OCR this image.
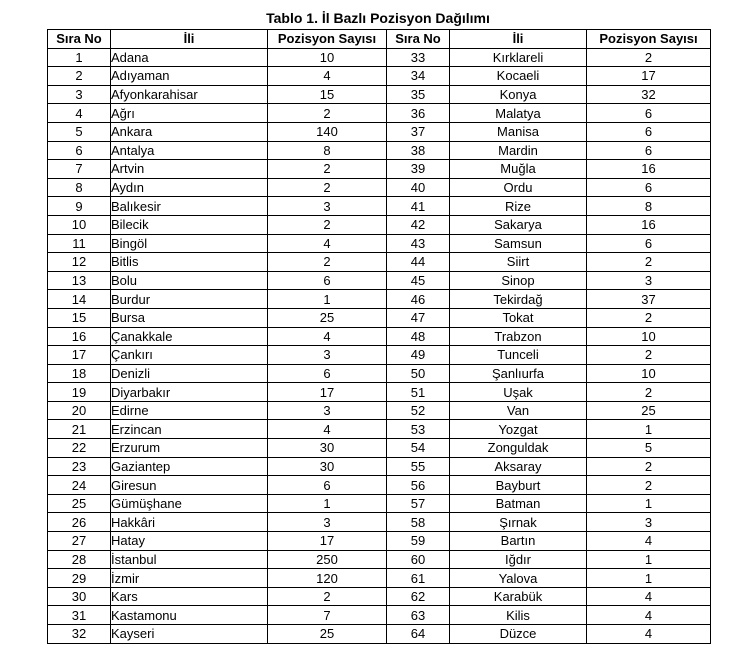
Tablo 1. İl Bazlı Pozisyon Dağılımı
Sıra No	İli	Pozisyon Sayısı	Sıra No	İli	Pozisyon Sayısı
1	Adana	10	33	Kırklareli	2
2	Adıyaman	4	34	Kocaeli	17
3	Afyonkarahisar	15	35	Konya	32
4	Ağrı	2	36	Malatya	6
5	Ankara	140	37	Manisa	6
6	Antalya	8	38	Mardin	6
7	Artvin	2	39	Muğla	16
8	Aydın	2	40	Ordu	6
9	Balıkesir	3	41	Rize	8
10	Bilecik	2	42	Sakarya	16
11	Bingöl	4	43	Samsun	6
12	Bitlis	2	44	Siirt	2
13	Bolu	6	45	Sinop	3
14	Burdur	1	46	Tekirdağ	37
15	Bursa	25	47	Tokat	2
16	Çanakkale	4	48	Trabzon	10
17	Çankırı	3	49	Tunceli	2
18	Denizli	6	50	Şanlıurfa	10
19	Diyarbakır	17	51	Uşak	2
20	Edirne	3	52	Van	25
21	Erzincan	4	53	Yozgat	1
22	Erzurum	30	54	Zonguldak	5
23	Gaziantep	30	55	Aksaray	2
24	Giresun	6	56	Bayburt	2
25	Gümüşhane	1	57	Batman	1
26	Hakkâri	3	58	Şırnak	3
27	Hatay	17	59	Bartın	4
28	İstanbul	250	60	Iğdır	1
29	İzmir	120	61	Yalova	1
30	Kars	2	62	Karabük	4
31	Kastamonu	7	63	Kilis	4
32	Kayseri	25	64	Düzce	4
